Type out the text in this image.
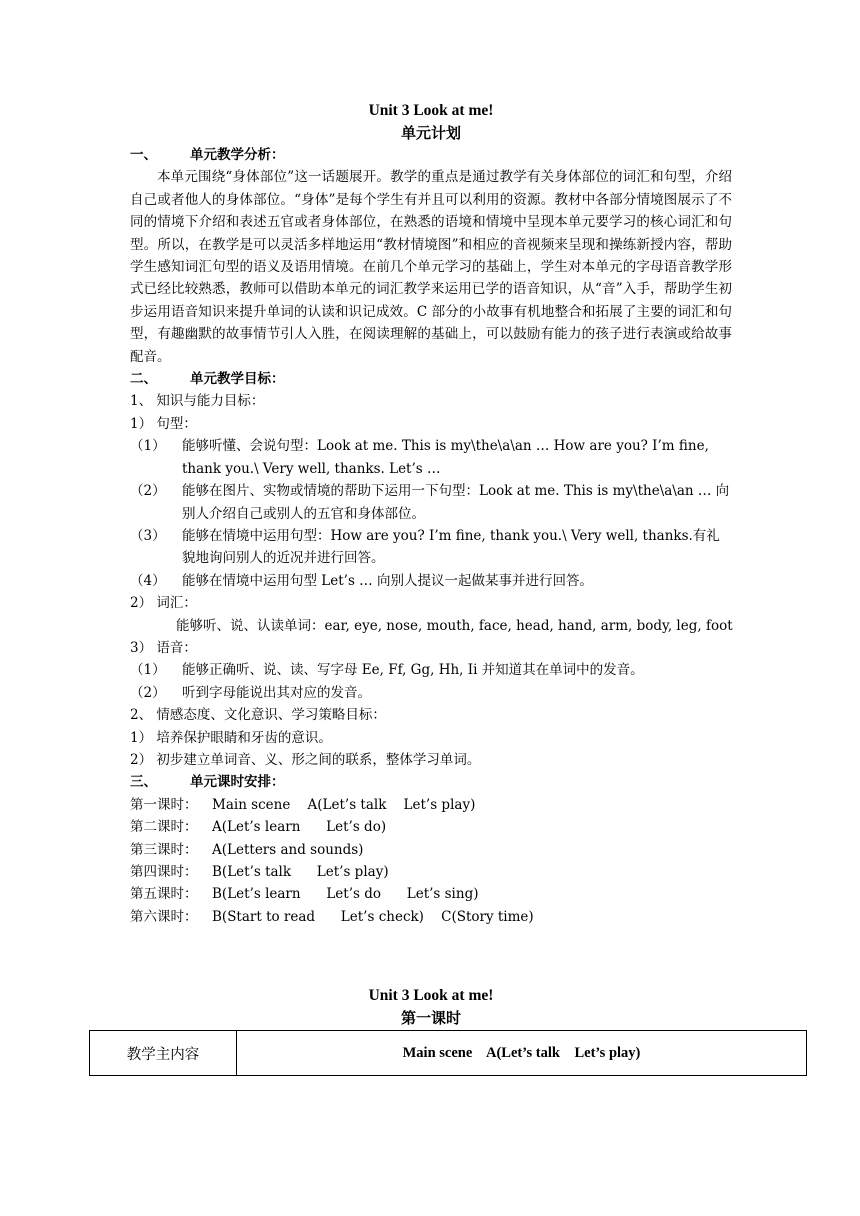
Unit 3 Look at me!
单元计划
一、 单元教学分析：
本单元围绕“身体部位”这一话题展开。教学的重点是通过教学有关身体部位的词汇和句型，介绍自己或者他人的身体部位。“身体”是每个学生有并且可以利用的资源。教材中各部分情境图展示了不同的情境下介绍和表述五官或者身体部位，在熟悉的语境和情境中呈现本单元要学习的核心词汇和句型。所以，在教学是可以灵活多样地运用“教材情境图”和相应的音视频来呈现和操练新授内容，帮助学生感知词汇句型的语义及语用情境。在前几个单元学习的基础上，学生对本单元的字母语音教学形式已经比较熟悉，教师可以借助本单元的词汇教学来运用已学的语音知识，从“音”入手，帮助学生初步运用语音知识来提升单词的认读和识记成效。C 部分的小故事有机地整合和拓展了主要的词汇和句型，有趣幽默的故事情节引人入胜，在阅读理解的基础上，可以鼓励有能力的孩子进行表演或给故事配音。
二、 单元教学目标：
1、 知识与能力目标：
1） 句型：
（1）	能够听懂、会说句型：Look at me. This is my\the\a\an … How are you? I’m fine, thank you.\ Very well, thanks. Let’s …
（2）	能够在图片、实物或情境的帮助下运用一下句型：Look at me. This is my\the\a\an … 向别人介绍自己或别人的五官和身体部位。
（3）	能够在情境中运用句型：How are you? I’m fine, thank you.\ Very well, thanks.有礼貌地询问别人的近况并进行回答。
（4）	能够在情境中运用句型 Let’s … 向别人提议一起做某事并进行回答。
2） 词汇：
能够听、说、认读单词：ear, eye, nose, mouth, face, head, hand, arm, body, leg, foot
3） 语音：
（1）	能够正确听、说、读、写字母 Ee, Ff, Gg, Hh, Ii 并知道其在单词中的发音。
（2）	听到字母能说出其对应的发音。
2、 情感态度、文化意识、学习策略目标：
1） 培养保护眼睛和牙齿的意识。
2） 初步建立单词音、义、形之间的联系，整体学习单词。
三、 单元课时安排：
第一课时： Main scene    A(Let’s talk    Let’s play)
第二课时： A(Let’s learn      Let’s do)
第三课时： A(Letters and sounds)
第四课时： B(Let’s talk      Let’s play)
第五课时： B(Let’s learn      Let’s do      Let’s sing)
第六课时： B(Start to read      Let’s check)    C(Story time)
Unit 3 Look at me!
第一课时
教学主内容	Main scene    A(Let’s talk    Let’s play)
